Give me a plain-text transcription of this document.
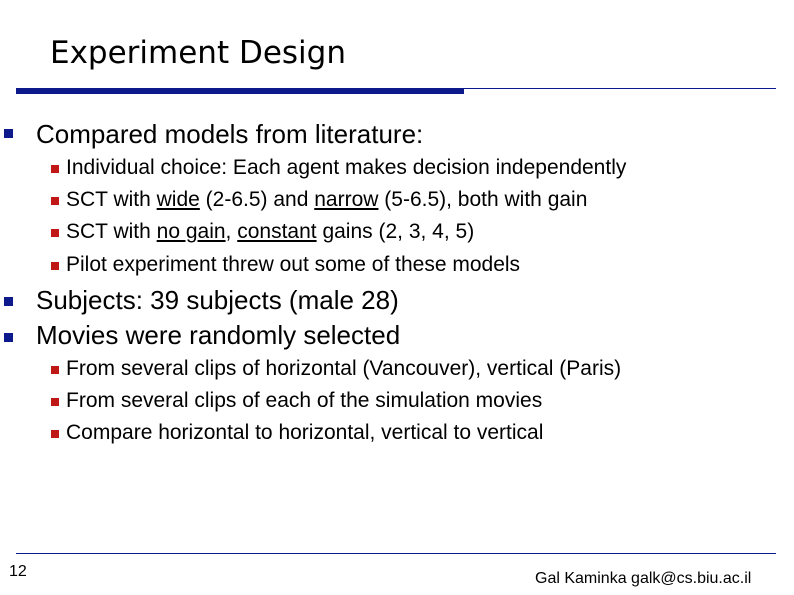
Experiment Design
Compared models from literature:
Individual choice: Each agent makes decision independently
SCT with wide (2-6.5) and narrow (5-6.5), both with gain
SCT with no gain, constant gains (2, 3, 4, 5)
Pilot experiment threw out some of these models
Subjects: 39 subjects (male 28)
Movies were randomly selected
From several clips of horizontal (Vancouver), vertical (Paris)
From several clips of each of the simulation movies
Compare horizontal to horizontal, vertical to vertical
12	Gal Kaminka galk@cs.biu.ac.il
